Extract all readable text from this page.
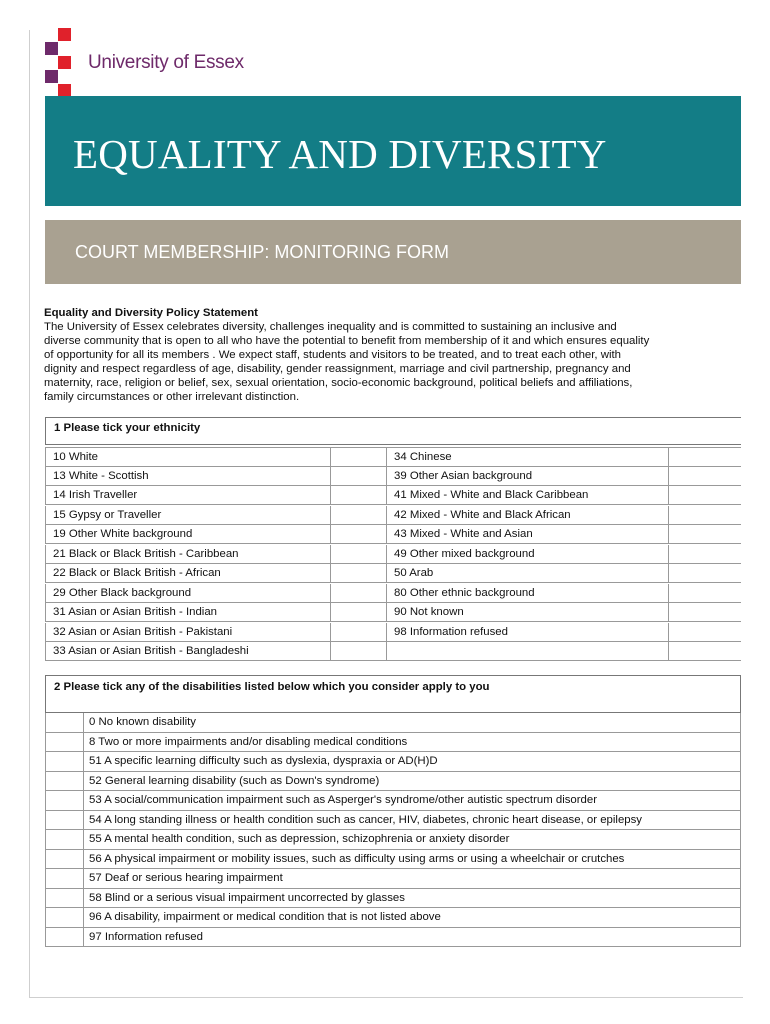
University of Essex
EQUALITY AND DIVERSITY
COURT MEMBERSHIP: MONITORING FORM
Equality and Diversity Policy Statement
The University of Essex celebrates diversity, challenges inequality and is committed to sustaining an inclusive and
diverse community that is open to all who have the potential to benefit from membership of it and which ensures equality
of opportunity for all its members . We expect staff, students and visitors to be treated, and to treat each other, with
dignity and respect regardless of age, disability, gender reassignment, marriage and civil partnership, pregnancy and
maternity, race, religion or belief, sex, sexual orientation, socio-economic background, political beliefs and affiliations,
family circumstances or other irrelevant distinction.
1 Please tick your ethnicity
10 White	34 Chinese
13 White - Scottish	39 Other Asian background
14 Irish Traveller	41 Mixed - White and Black Caribbean
15 Gypsy or Traveller	42 Mixed - White and Black African
19 Other White background	43 Mixed - White and Asian
21 Black or Black British - Caribbean	49 Other mixed background
22 Black or Black British - African	50 Arab
29 Other Black background	80 Other ethnic background
31 Asian or Asian British - Indian	90 Not known
32 Asian or Asian British - Pakistani	98 Information refused
33 Asian or Asian British - Bangladeshi
2 Please tick any of the disabilities listed below which you consider apply to you
0 No known disability
8 Two or more impairments and/or disabling medical conditions
51 A specific learning difficulty such as dyslexia, dyspraxia or AD(H)D
52 General learning disability (such as Down's syndrome)
53 A social/communication impairment such as Asperger's syndrome/other autistic spectrum disorder
54 A long standing illness or health condition such as cancer, HIV, diabetes, chronic heart disease, or epilepsy
55 A mental health condition, such as depression, schizophrenia or anxiety disorder
56 A physical impairment or mobility issues, such as difficulty using arms or using a wheelchair or crutches
57 Deaf or serious hearing impairment
58 Blind or a serious visual impairment uncorrected by glasses
96 A disability, impairment or medical condition that is not listed above
97 Information refused
